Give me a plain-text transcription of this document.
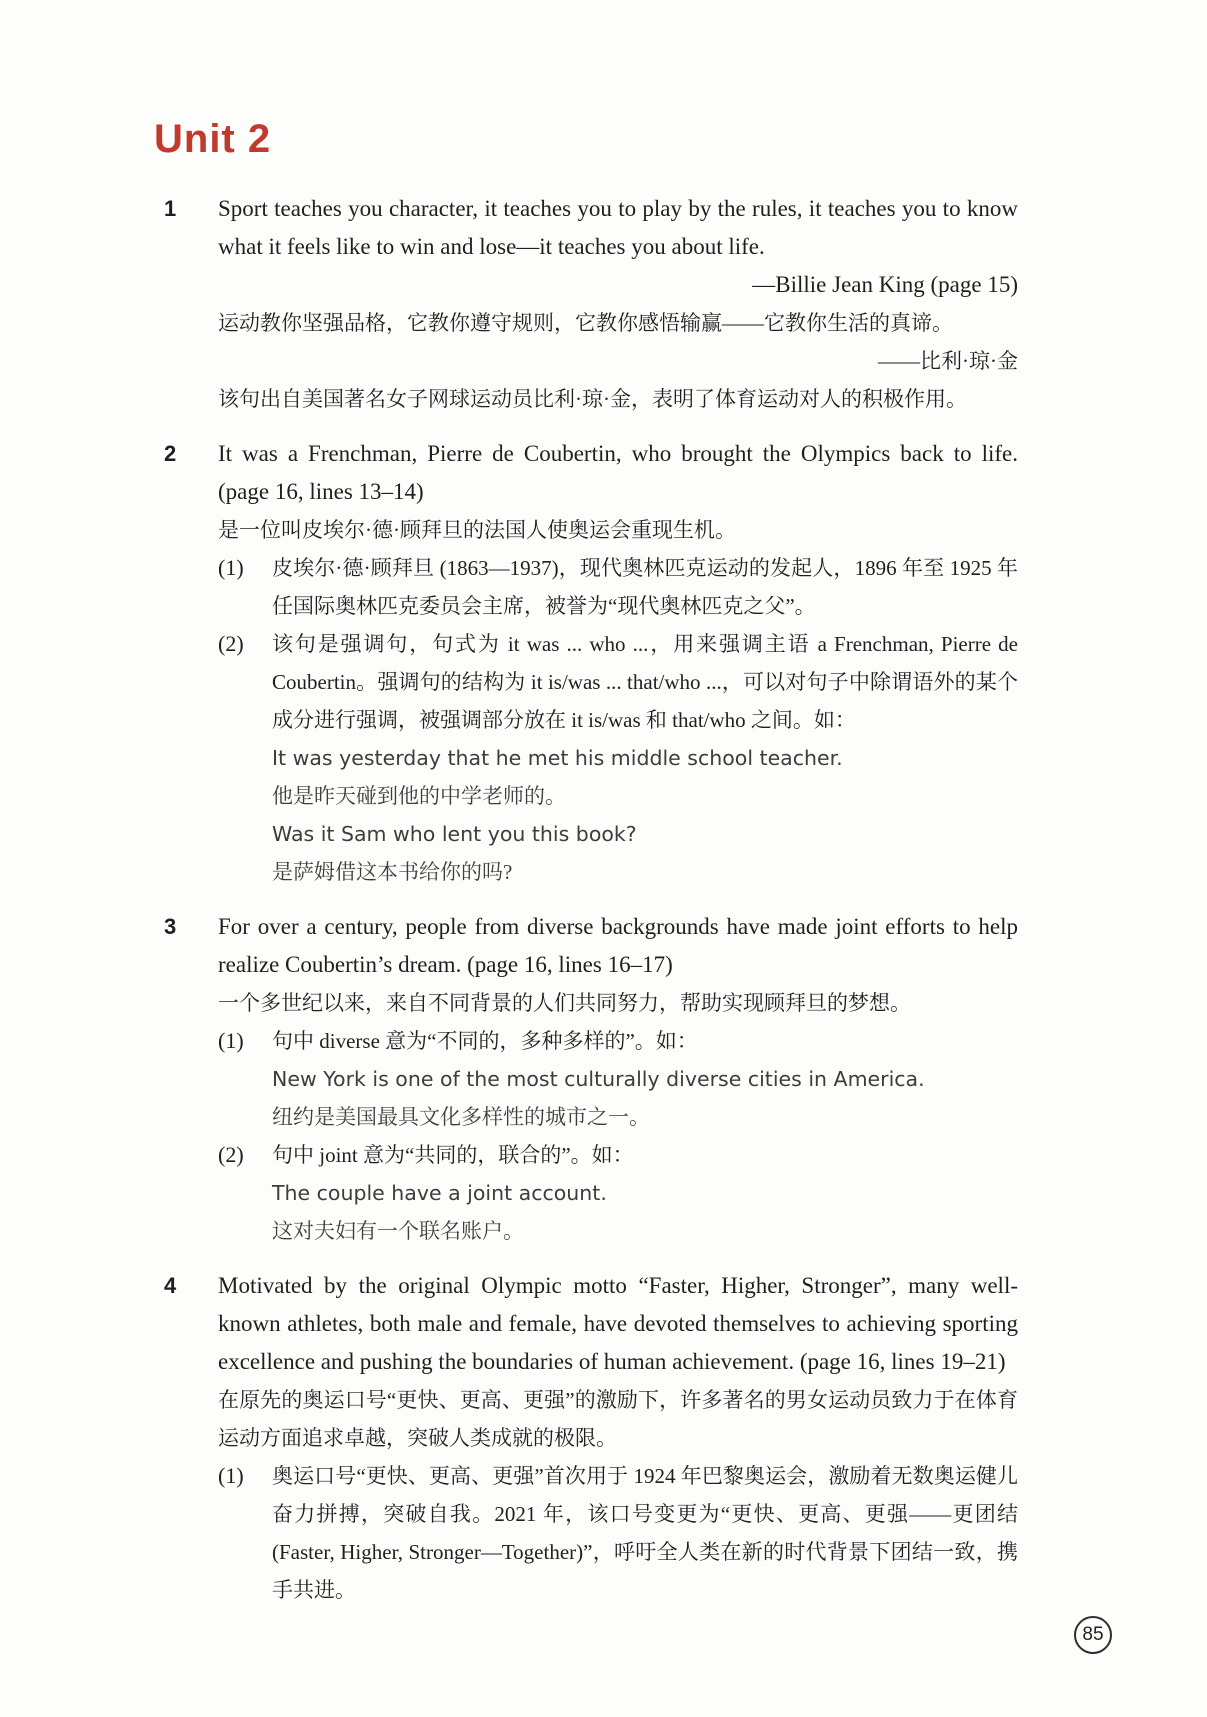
Unit 2
1	Sport teaches you character, it teaches you to play by the rules, it teaches you to know what it feels like to win and lose—it teaches you about life.

—Billie Jean King (page 15)

运动教你坚强品格，它教你遵守规则，它教你感悟输赢——它教你生活的真谛。

——比利·琼·金

该句出自美国著名女子网球运动员比利·琼·金，表明了体育运动对人的积极作用。

2	It was a Frenchman, Pierre de Coubertin, who brought the Olympics back to life. (page 16, lines 13–14)

是一位叫皮埃尔·德·顾拜旦的法国人使奥运会重现生机。

(1)	皮埃尔·德·顾拜旦 (1863—1937)，现代奥林匹克运动的发起人，1896 年至 1925 年任国际奥林匹克委员会主席，被誉为“现代奥林匹克之父”。

(2)	该句是强调句，句式为 it was ... who ...，用来强调主语 a Frenchman, Pierre de Coubertin。强调句的结构为 it is/was ... that/who ...，可以对句子中除谓语外的某个成分进行强调，被强调部分放在 it is/was 和 that/who 之间。如：

It was yesterday that he met his middle school teacher.

他是昨天碰到他的中学老师的。

Was it Sam who lent you this book?

是萨姆借这本书给你的吗?

3	For over a century, people from diverse backgrounds have made joint efforts to help realize Coubertin’s dream. (page 16, lines 16–17)

一个多世纪以来，来自不同背景的人们共同努力，帮助实现顾拜旦的梦想。

(1)	句中 diverse 意为“不同的，多种多样的”。如：

New York is one of the most culturally diverse cities in America.

纽约是美国最具文化多样性的城市之一。

(2)	句中 joint 意为“共同的，联合的”。如：

The couple have a joint account.

这对夫妇有一个联名账户。

4	Motivated by the original Olympic motto “Faster, Higher, Stronger”, many well-known athletes, both male and female, have devoted themselves to achieving sporting excellence and pushing the boundaries of human achievement. (page 16, lines 19–21)

在原先的奥运口号“更快、更高、更强”的激励下，许多著名的男女运动员致力于在体育运动方面追求卓越，突破人类成就的极限。

(1)	奥运口号“更快、更高、更强”首次用于 1924 年巴黎奥运会，激励着无数奥运健儿奋力拼搏，突破自我。2021 年，该口号变更为“更快、更高、更强——更团结 (Faster, Higher, Stronger—Together)”，呼吁全人类在新的时代背景下团结一致，携手共进。

85
